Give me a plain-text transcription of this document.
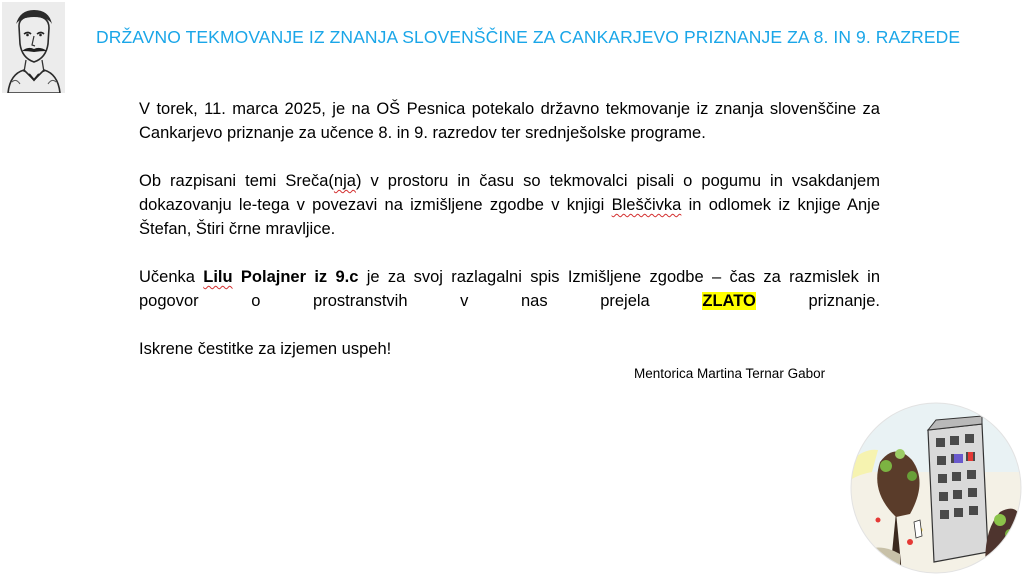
DRŽAVNO TEKMOVANJE IZ ZNANJA SLOVENŠČINE ZA CANKARJEVO PRIZNANJE ZA 8. IN 9. RAZREDE

V torek, 11. marca 2025, je na OŠ Pesnica potekalo državno tekmovanje iz znanja slovenščine za Cankarjevo priznanje za učence 8. in 9. razredov ter srednješolske programe.

Ob razpisani temi Sreča(nja) v prostoru in času so tekmovalci pisali o pogumu in vsakdanjem dokazovanju le-tega v povezavi na izmišljene zgodbe v knjigi Bleščivka in odlomek iz knjige Anje Štefan, Štiri črne mravljice.

Učenka Lilu Polajner iz 9.c je za svoj razlagalni spis Izmišljene zgodbe – čas za razmislek in pogovor o prostranstvih v nas prejela ZLATO priznanje.

Iskrene čestitke za izjemen uspeh!

Mentorica Martina Ternar Gabor
